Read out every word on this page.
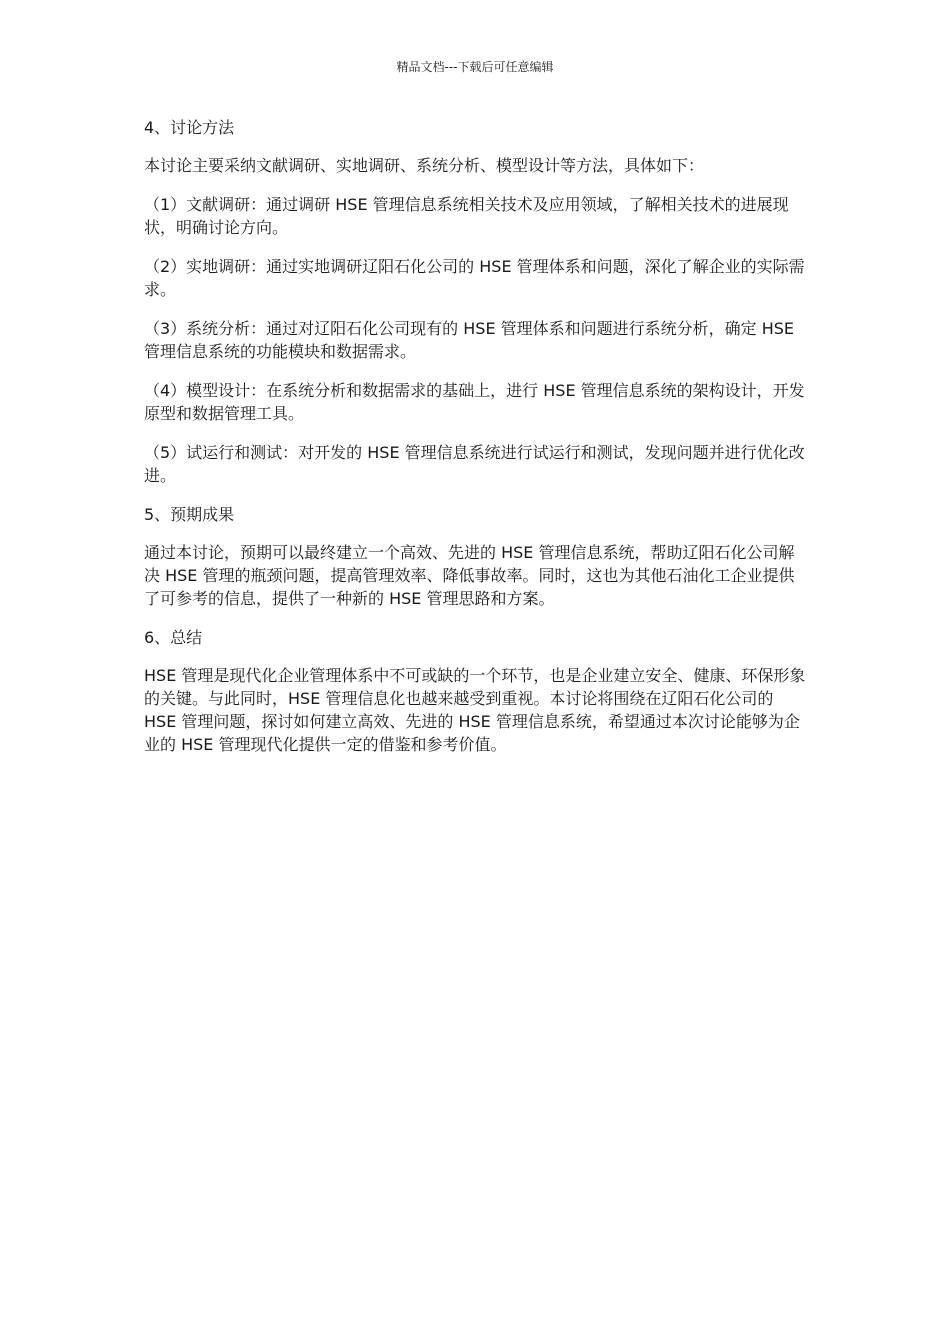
精品文档---下载后可任意编辑

4、讨论方法

本讨论主要采纳文献调研、实地调研、系统分析、模型设计等方法，具体如下：

（1）文献调研：通过调研 HSE 管理信息系统相关技术及应用领域，了解相关技术的进展现状，明确讨论方向。

（2）实地调研：通过实地调研辽阳石化公司的 HSE 管理体系和问题，深化了解企业的实际需求。

（3）系统分析：通过对辽阳石化公司现有的 HSE 管理体系和问题进行系统分析，确定 HSE 管理信息系统的功能模块和数据需求。

（4）模型设计：在系统分析和数据需求的基础上，进行 HSE 管理信息系统的架构设计，开发原型和数据管理工具。

（5）试运行和测试：对开发的 HSE 管理信息系统进行试运行和测试，发现问题并进行优化改进。

5、预期成果

通过本讨论，预期可以最终建立一个高效、先进的 HSE 管理信息系统，帮助辽阳石化公司解决 HSE 管理的瓶颈问题，提高管理效率、降低事故率。同时，这也为其他石油化工企业提供了可参考的信息，提供了一种新的 HSE 管理思路和方案。

6、总结

HSE 管理是现代化企业管理体系中不可或缺的一个环节，也是企业建立安全、健康、环保形象的关键。与此同时，HSE 管理信息化也越来越受到重视。本讨论将围绕在辽阳石化公司的 HSE 管理问题，探讨如何建立高效、先进的 HSE 管理信息系统，希望通过本次讨论能够为企业的 HSE 管理现代化提供一定的借鉴和参考价值。
